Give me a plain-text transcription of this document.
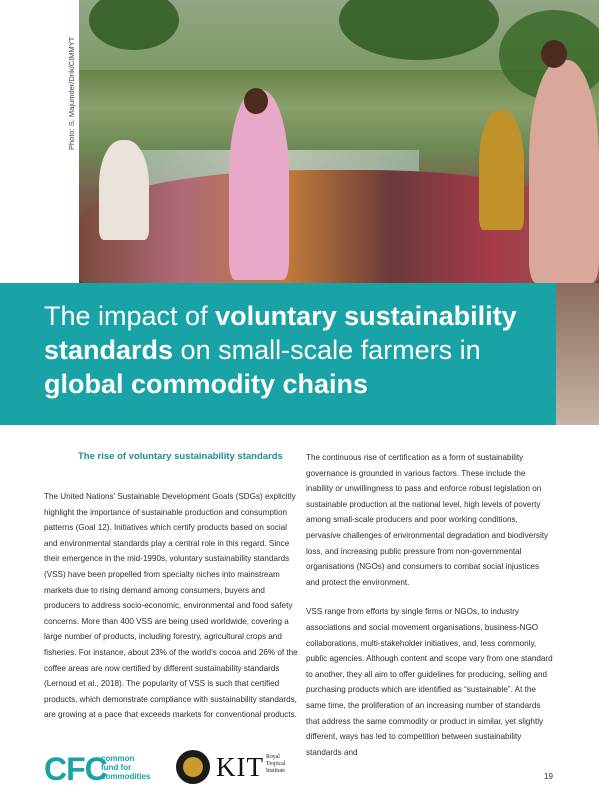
Photo: S. Majumder/Drik/CIMMYT
The impact of voluntary sustainability standards on small-scale farmers in global commodity chains
The rise of voluntary sustainability standards

The United Nations’ Sustainable Development Goals (SDGs) explicitly highlight the importance of sustainable production and consumption patterns (Goal 12). Initiatives which certify products based on social and environmental standards play a central role in this regard. Since their emergence in the mid-1990s, voluntary sustainability standards (VSS) have been propelled from specialty niches into mainstream markets due to rising demand among consumers, buyers and producers to address socio-economic, environmental and food safety concerns. More than 400 VSS are being used worldwide, covering a large number of products, including forestry, agricultural crops and fisheries. For instance, about 23% of the world’s cocoa and 26% of the coffee areas are now certified by different sustainability standards (Lernoud et al., 2018). The popularity of VSS is such that certified products, which demonstrate compliance with sustainability standards, are growing at a pace that exceeds markets for conventional products.

The continuous rise of certification as a form of sustainability governance is grounded in various factors. These include the inability or unwillingness to pass and enforce robust legislation on sustainable production at the national level, high levels of poverty among small-scale producers and poor working conditions, pervasive challenges of environmental degradation and biodiversity loss, and increasing public pressure from non-governmental organisations (NGOs) and consumers to combat social injustices and protect the environment.

VSS range from efforts by single firms or NGOs, to industry associations and social movement organisations, business-NGO collaborations, multi-stakeholder initiatives, and, less commonly, public agencies. Although content and scope vary from one standard to another, they all aim to offer guidelines for producing, selling and purchasing products which are identified as “sustainable”. At the same time, the proliferation of an increasing number of standards that address the same commodity or product in similar, yet slightly different, ways has led to competition between sustainability standards and

CFC
common
fund for
commodities KIT Royal
Tropical
Institute
19
